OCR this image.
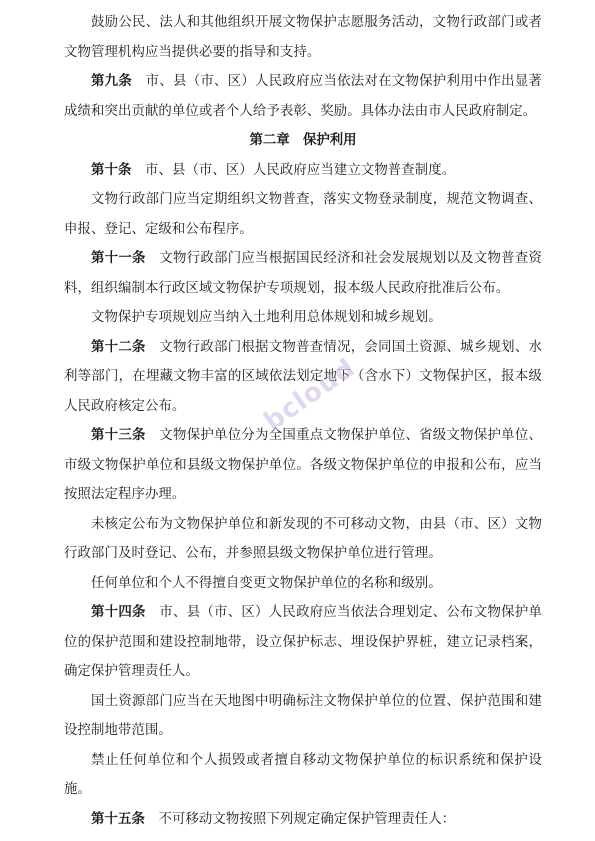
鼓励公民、法人和其他组织开展文物保护志愿服务活动，文物行政部门或者文物管理机构应当提供必要的指导和支持。

第九条　市、县（市、区）人民政府应当依法对在文物保护利用中作出显著成绩和突出贡献的单位或者个人给予表彰、奖励。具体办法由市人民政府制定。

第二章　保护利用

第十条　市、县（市、区）人民政府应当建立文物普查制度。

文物行政部门应当定期组织文物普查，落实文物登录制度，规范文物调查、申报、登记、定级和公布程序。

第十一条　文物行政部门应当根据国民经济和社会发展规划以及文物普查资料，组织编制本行政区域文物保护专项规划，报本级人民政府批准后公布。

文物保护专项规划应当纳入土地利用总体规划和城乡规划。

第十二条　文物行政部门根据文物普查情况，会同国土资源、城乡规划、水利等部门，在埋藏文物丰富的区域依法划定地下（含水下）文物保护区，报本级人民政府核定公布。

第十三条　文物保护单位分为全国重点文物保护单位、省级文物保护单位、市级文物保护单位和县级文物保护单位。各级文物保护单位的申报和公布，应当按照法定程序办理。

未核定公布为文物保护单位和新发现的不可移动文物，由县（市、区）文物行政部门及时登记、公布，并参照县级文物保护单位进行管理。

任何单位和个人不得擅自变更文物保护单位的名称和级别。

第十四条　市、县（市、区）人民政府应当依法合理划定、公布文物保护单位的保护范围和建设控制地带，设立保护标志、埋设保护界桩，建立记录档案，确定保护管理责任人。

国土资源部门应当在天地图中明确标注文物保护单位的位置、保护范围和建设控制地带范围。

禁止任何单位和个人损毁或者擅自移动文物保护单位的标识系统和保护设施。

第十五条　不可移动文物按照下列规定确定保护管理责任人：

bcloud
